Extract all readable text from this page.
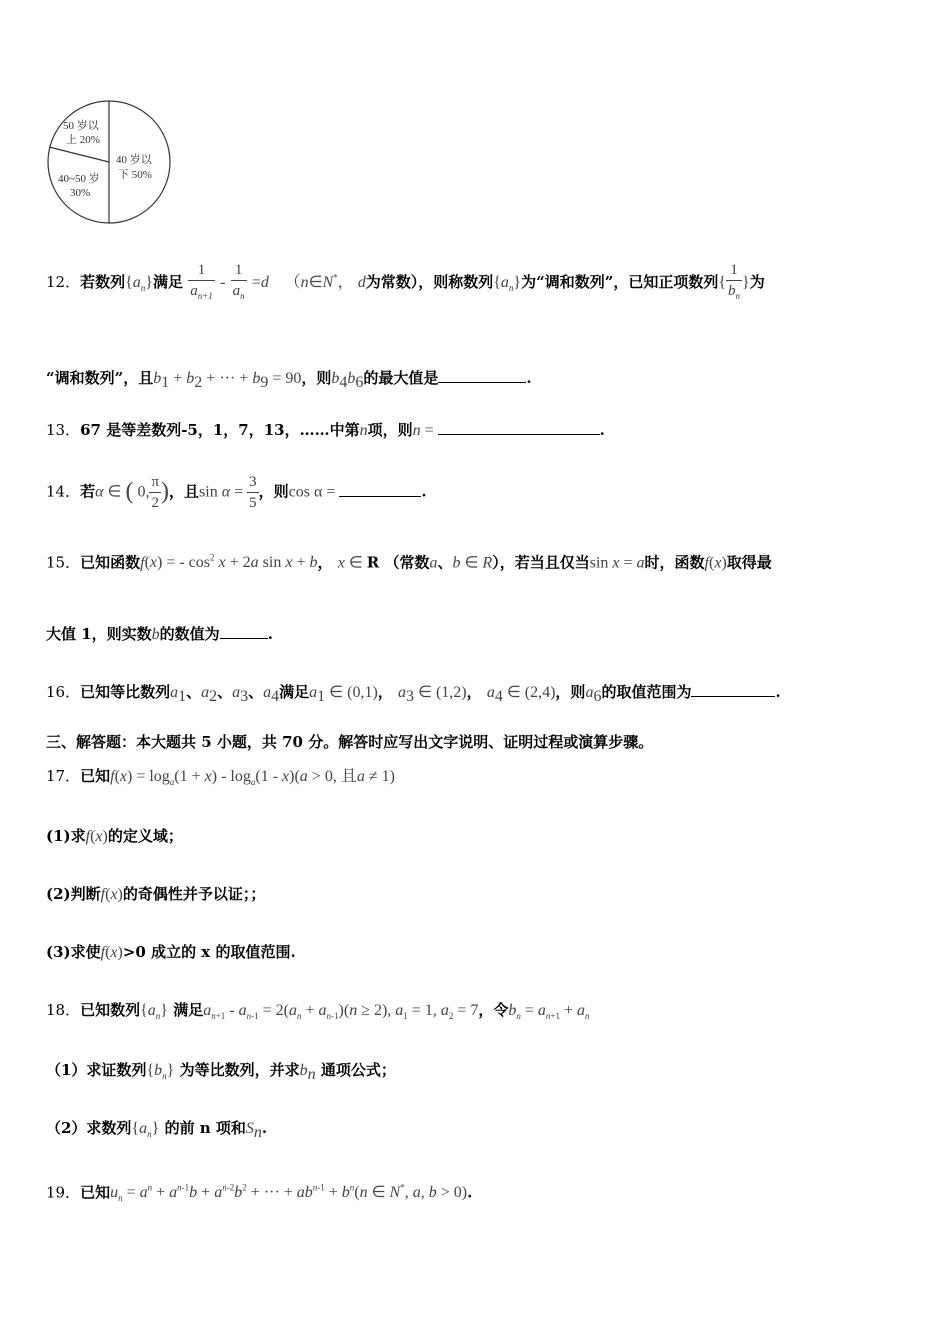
50 岁以
上 20%
40 岁以
下 50%
40~50 岁
30%
12．若数列$\{a_n\}$满足 $\frac{1}{a_{n+1}} - \frac{1}{a_n} =d$ （n∈N*， d为常数），则称数列$\{a_n\}$为“调和数列”，已知正项数列{ $\frac{1}{b_n}$ }为
“调和数列”，且$b_1 + b_2$ + ··· + $b_9 = 90$，则$b_4b_6$的最大值是	.
13．67 是等差数列-5，1，7，13，……中第n项，则n =	.
14．若α ∈ ( 0, $\frac{\pi}{2}$ )，且$\sin \alpha = \frac{3}{5}$ ，则cos α =	.
15．已知函数f(x) = - $\cos^2 x + 2a$ sin x + b， x ∈ R （常数a、b ∈ R），若当且仅当sin x = a时，函数f(x)取得最
大值 1，则实数b的数值为	.
16．已知等比数列$a_1$、$a_2$、$a_3$、$a_4$满足$a_1$ ∈ (0,1)， $a_3$ ∈ (1,2)， $a_4$ ∈ (2,4)，则$a_6$的取值范围为	.
三、解答题：本大题共 5 小题，共 70 分。解答时应写出文字说明、证明过程或演算步骤。
17．已知$f(x) = \log_a(1 + x) - \log_a(1 - x)(a > 0$, 且a ≠ 1)
(1)求f(x)的定义域；
(2)判断f(x)的奇偶性并予以证；；
(3)求使f(x)>0 成立的 x 的取值范围.
18．已知数列$\{a_n\}$ 满足$a_{n+1} - a_{n-1} = 2(a_n + a_{n-1})(n \ge 2)$, $a_1 = 1$, $a_2 = 7$，令$b_n = a_{n+1} + a_n$
（1）求证数列$\{b_n\}$ 为等比数列，并求$b_n$ 通项公式；
（2）求数列$\{a_n\}$ 的前 n 项和$S_n$.
19．已知$u_n = a^n + a^{n-1}b + a^{n-2}b^2$ + ··· + $ab^{n-1} + b^n(n$ ∈ N*, a, b > 0).
